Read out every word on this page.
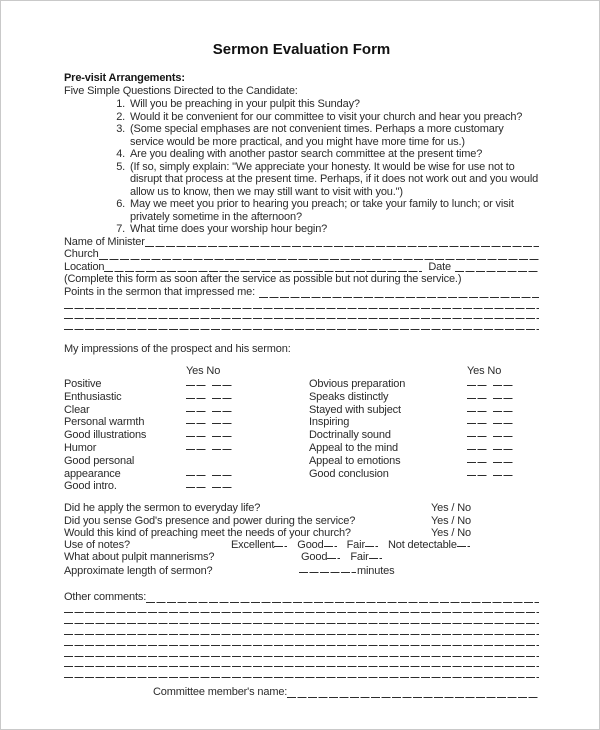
Sermon Evaluation Form
Pre-visit Arrangements:
Five Simple Questions Directed to the Candidate:
1. Will you be preaching in your pulpit this Sunday?
2. Would it be convenient for our committee to visit your church and hear you preach?
3. (Some special emphases are not convenient times. Perhaps a more customary service would be more practical, and you might have more time for us.)
4. Are you dealing with another pastor search committee at the present time?
5. (If so, simply explain: "We appreciate your honesty. It would be wise for use not to disrupt that process at the present time. Perhaps, if it does not work out and you would allow us to know, then we may still want to visit with you.")
6. May we meet you prior to hearing you preach; or take your family to lunch; or visit privately sometime in the afternoon?
7. What time does your worship hour begin?
Name of Minister
Church
Location	Date
(Complete this form as soon after the service as possible but not during the service.)
Points in the sermon that impressed me:
My impressions of the prospect and his sermon:
Yes No	Yes No
Positive	Obvious preparation
Enthusiastic	Speaks distinctly
Clear	Stayed with subject
Personal warmth	Inspiring
Good illustrations	Doctrinally sound
Humor	Appeal to the mind
Good personal	Appeal to emotions
appearance	Good conclusion
Good intro.
Did he apply the sermon to everyday life?	Yes / No
Did you sense God's presence and power during the service?	Yes / No
Would this kind of preaching meet the needs of your church?	Yes / No
Use of notes?	Excellent	Good	Fair	Not detectable
What about pulpit mannerisms?	Good	Fair
Approximate length of sermon?	minutes
Other comments:
Committee member's name:
